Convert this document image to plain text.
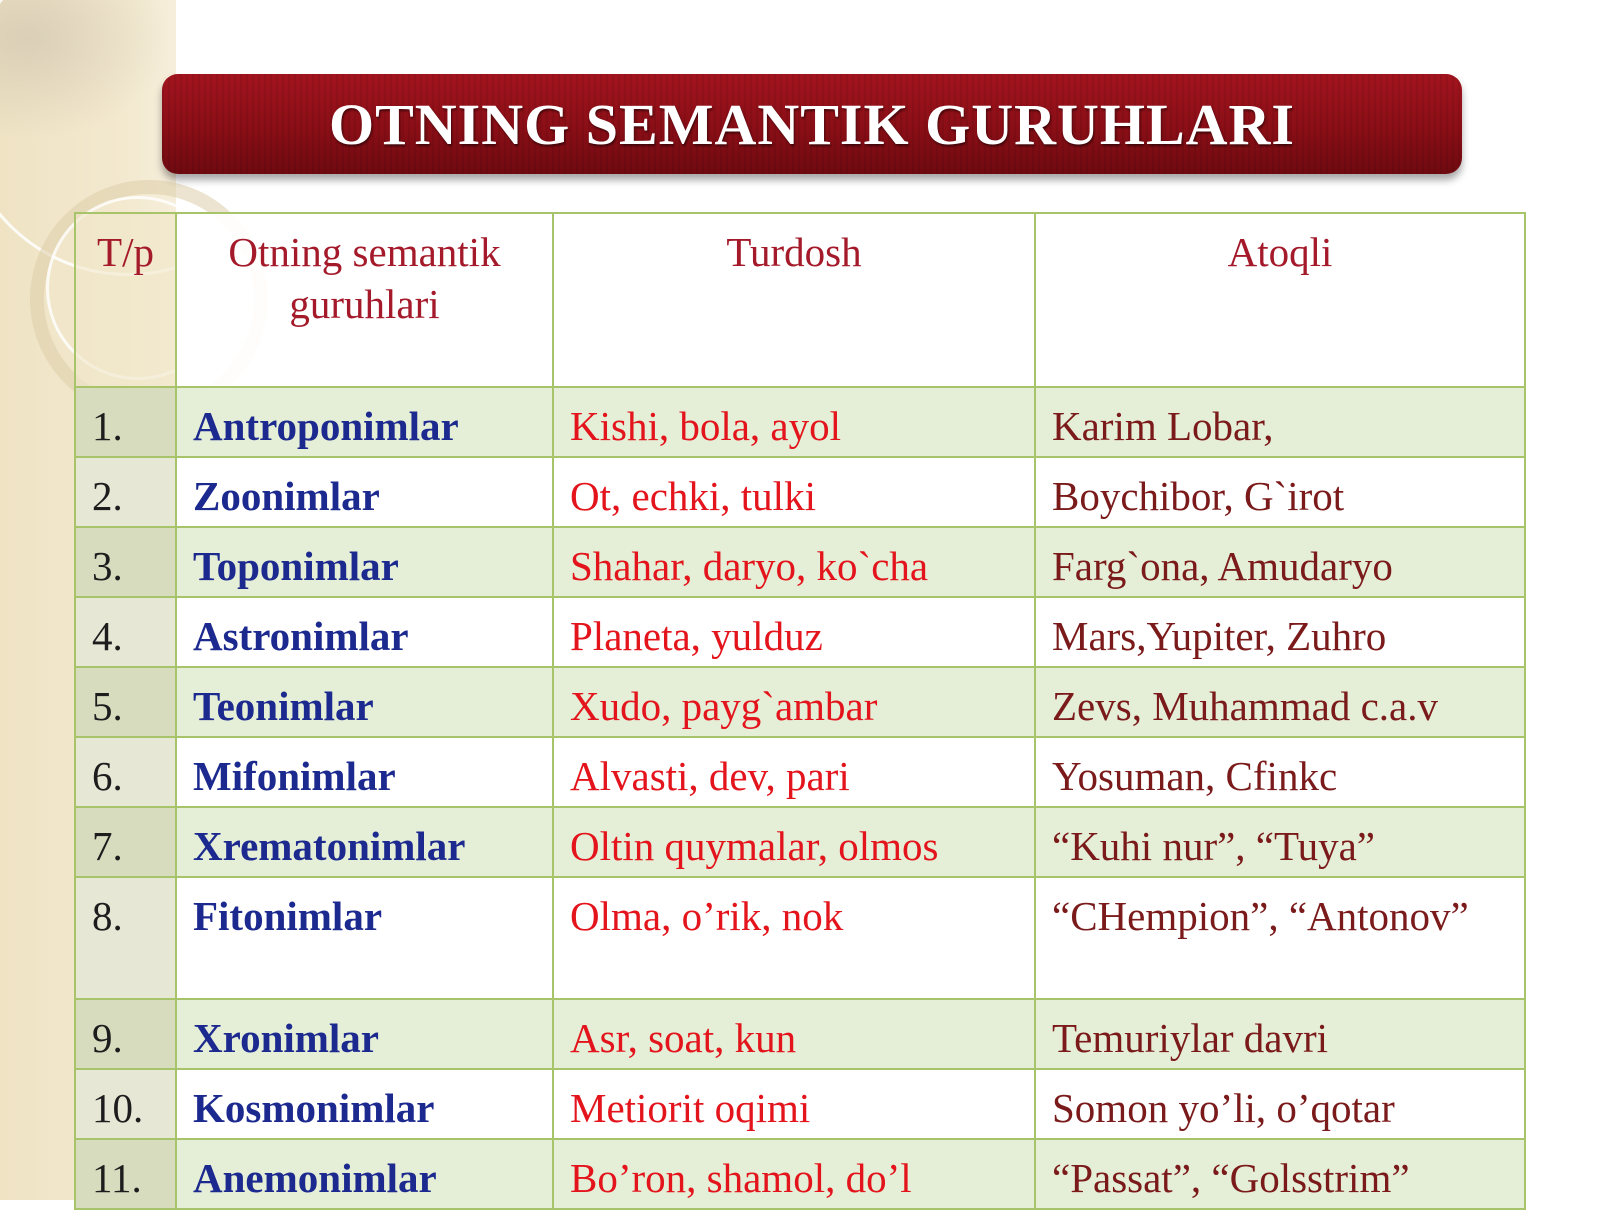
OTNING SEMANTIK GURUHLARI
T/p	Otning semantik guruhlari	Turdosh	Atoqli
1.	Antroponimlar	Kishi, bola, ayol	Karim Lobar,
2.	Zoonimlar	Ot, echki, tulki	Boychibor, G`irot
3.	Toponimlar	Shahar, daryo, ko`cha	Farg`ona, Amudaryo
4.	Astronimlar	Planeta, yulduz	Mars,Yupiter, Zuhro
5.	Teonimlar	Xudo, payg`ambar	Zevs, Muhammad c.a.v
6.	Mifonimlar	Alvasti, dev, pari	Yosuman, Cfinkc
7.	Xrematonimlar	Oltin quymalar, olmos	“Kuhi nur”, “Tuya”
8.	Fitonimlar	Olma, o’rik, nok	“CHempion”, “Antonov”
9.	Xronimlar	Asr, soat, kun	Temuriylar davri
10.	Kosmonimlar	Metiorit oqimi	Somon yo’li, o’qotar
11.	Anemonimlar	Bo’ron, shamol, do’l	“Passat”, “Golsstrim”
